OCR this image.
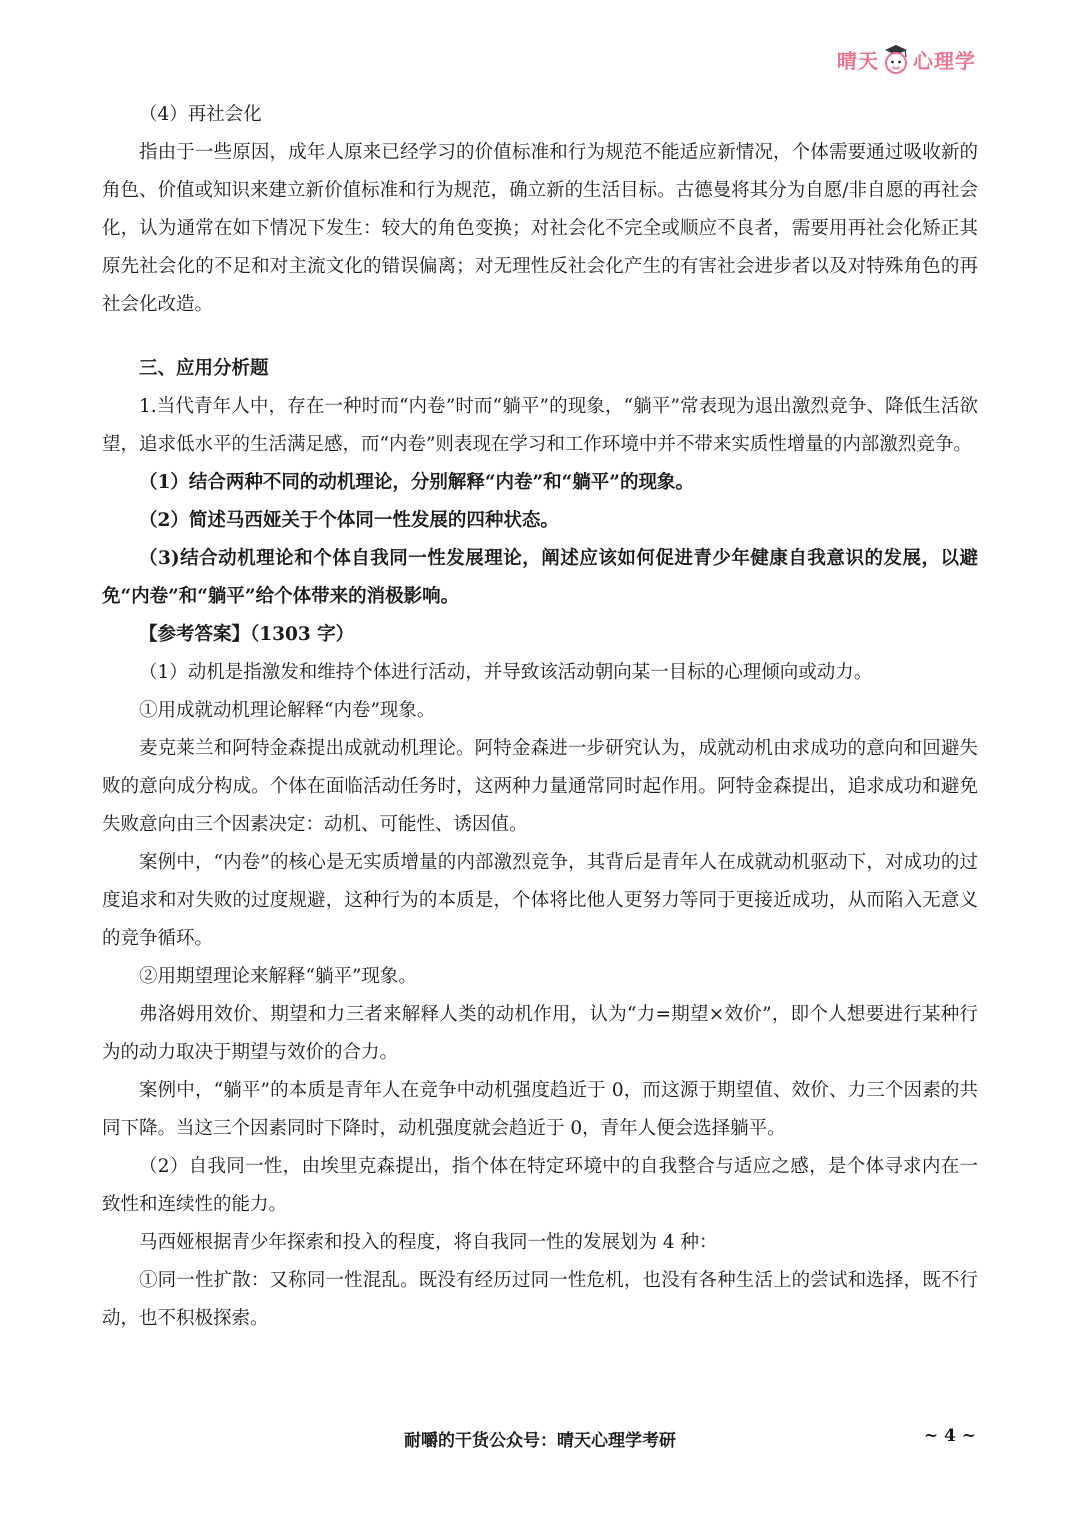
晴天 心理学

（4）再社会化

指由于一些原因，成年人原来已经学习的价值标准和行为规范不能适应新情况，个体需要通过吸收新的角色、价值或知识来建立新价值标准和行为规范，确立新的生活目标。古德曼将其分为自愿/非自愿的再社会化，认为通常在如下情况下发生：较大的角色变换；对社会化不完全或顺应不良者，需要用再社会化矫正其原先社会化的不足和对主流文化的错误偏离；对无理性反社会化产生的有害社会进步者以及对特殊角色的再社会化改造。

三、应用分析题

1.当代青年人中，存在一种时而“内卷”时而“躺平”的现象，“躺平”常表现为退出激烈竞争、降低生活欲望，追求低水平的生活满足感，而“内卷”则表现在学习和工作环境中并不带来实质性增量的内部激烈竞争。

（1）结合两种不同的动机理论，分别解释“内卷”和“躺平”的现象。

（2）简述马西娅关于个体同一性发展的四种状态。

（3)结合动机理论和个体自我同一性发展理论，阐述应该如何促进青少年健康自我意识的发展，以避免“内卷”和“躺平”给个体带来的消极影响。

【参考答案】（1303 字）

（1）动机是指激发和维持个体进行活动，并导致该活动朝向某一目标的心理倾向或动力。

①用成就动机理论解释“内卷”现象。

麦克莱兰和阿特金森提出成就动机理论。阿特金森进一步研究认为，成就动机由求成功的意向和回避失败的意向成分构成。个体在面临活动任务时，这两种力量通常同时起作用。阿特金森提出，追求成功和避免失败意向由三个因素决定：动机、可能性、诱因值。

案例中，“内卷”的核心是无实质增量的内部激烈竞争，其背后是青年人在成就动机驱动下，对成功的过度追求和对失败的过度规避，这种行为的本质是，个体将比他人更努力等同于更接近成功，从而陷入无意义的竞争循环。

②用期望理论来解释“躺平”现象。

弗洛姆用效价、期望和力三者来解释人类的动机作用，认为“力=期望×效价”，即个人想要进行某种行为的动力取决于期望与效价的合力。

案例中，“躺平”的本质是青年人在竞争中动机强度趋近于 0，而这源于期望值、效价、力三个因素的共同下降。当这三个因素同时下降时，动机强度就会趋近于 0，青年人便会选择躺平。

（2）自我同一性，由埃里克森提出，指个体在特定环境中的自我整合与适应之感，是个体寻求内在一致性和连续性的能力。

马西娅根据青少年探索和投入的程度，将自我同一性的发展划为 4 种：

①同一性扩散：又称同一性混乱。既没有经历过同一性危机，也没有各种生活上的尝试和选择，既不行动，也不积极探索。

耐嚼的干货公众号：晴天心理学考研	~ 4 ~
